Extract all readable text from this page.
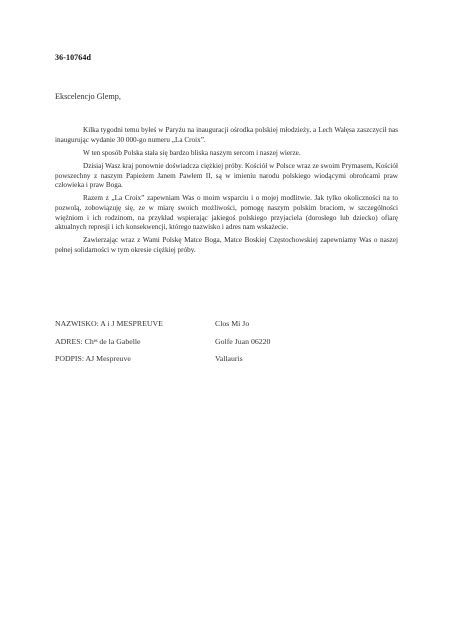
36-10764d
Ekscelencjo Glemp,

Kilka tygodni temu byłeś w Paryżu na inauguracji ośrodka polskiej młodzieży, a Lech Wałęsa zaszczycił nas inaugurując wydanie 30 000-go numeru „La Croix”.

W ten sposób Polska stała się bardzo bliska naszym sercom i naszej wierze.

Dzisiaj Wasz kraj ponownie doświadcza ciężkiej próby. Kościół w Polsce wraz ze swoim Prymasem, Kościół powszechny z naszym Papieżem Janem Pawłem II, są w imieniu narodu polskiego wiodącymi obrońcami praw człowieka i praw Boga.

Razem z „La Croix” zapewniam Was o moim wsparciu i o mojej modlitwie. Jak tylko okoliczności na to pozwolą, zobowiązuję się, ze w miarę swoich możliwości, pomogę naszym polskim braciom, w szczególności więźniom i ich rodzinom, na przykład wspierając jakiegoś polskiego przyjaciela (dorosłego lub dziecko) ofiarę aktualnych represji i ich konsekwencji, którego nazwisko i adres nam wskażecie.

Zawierzając wraz z Wami Polskę Matce Boga, Matce Boskiej Częstochowskiej zapewniamy Was o naszej pełnej solidarności w tym okresie ciężkiej próby.

NAZWISKO: A i J MESPREUVE	Clos Mi Jo
ADRES: Chᵉˢ de la Gabelle	Golfe Juan 06220
PODPIS: AJ Mespreuve	Vallauris
